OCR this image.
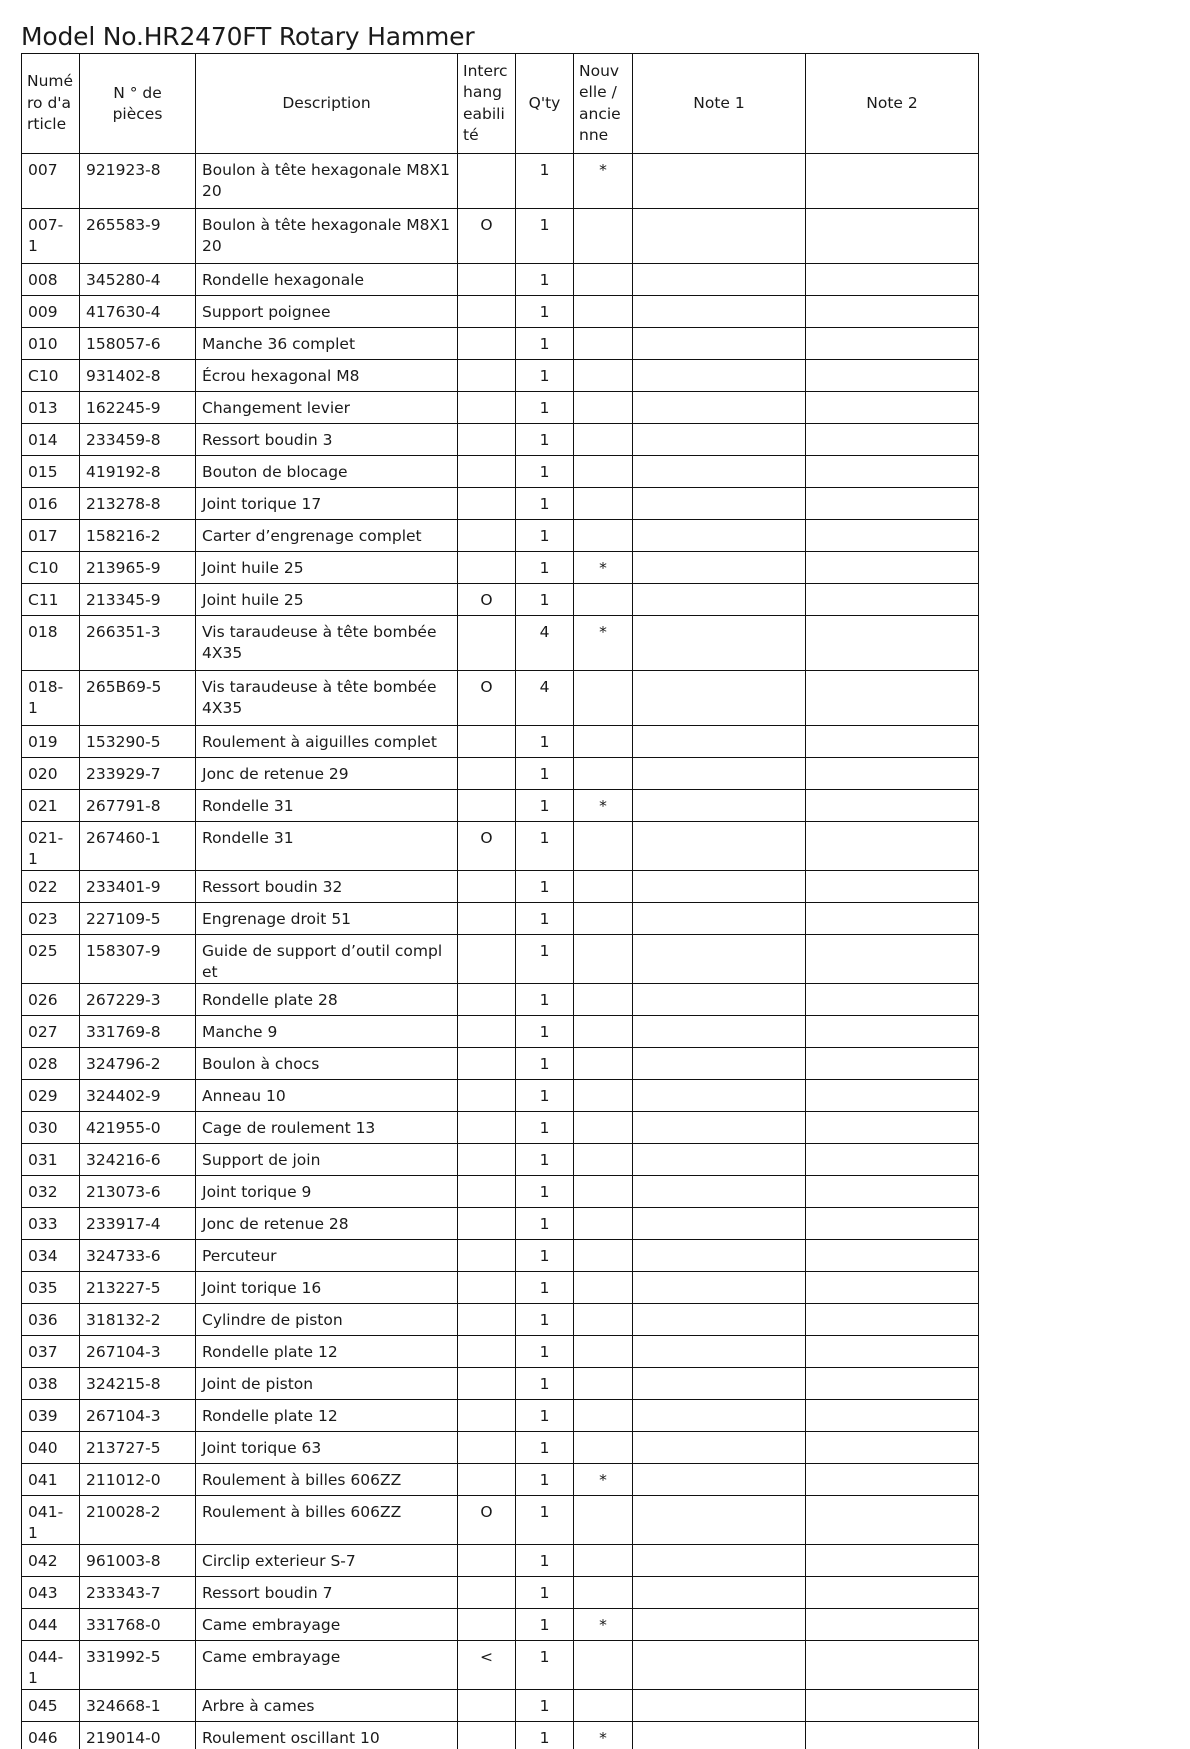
Model No.HR2470FT Rotary Hammer
Numéro d'article	N ° de pièces	Description	Interchangeabilité	Q'ty	Nouvelle / ancienne	Note 1	Note 2
007	921923-8	Boulon à tête hexagonale M8X120		1	*		
007-1	265583-9	Boulon à tête hexagonale M8X120	O	1			
008	345280-4	Rondelle hexagonale		1			
009	417630-4	Support poignee		1			
010	158057-6	Manche 36 complet		1			
C10	931402-8	Écrou hexagonal M8		1			
013	162245-9	Changement levier		1			
014	233459-8	Ressort boudin 3		1			
015	419192-8	Bouton de blocage		1			
016	213278-8	Joint torique 17		1			
017	158216-2	Carter d’engrenage complet		1			
C10	213965-9	Joint huile 25		1	*		
C11	213345-9	Joint huile 25	O	1			
018	266351-3	Vis taraudeuse à tête bombée 4X35		4	*		
018-1	265B69-5	Vis taraudeuse à tête bombée 4X35	O	4			
019	153290-5	Roulement à aiguilles complet		1			
020	233929-7	Jonc de retenue 29		1			
021	267791-8	Rondelle 31		1	*		
021-1	267460-1	Rondelle 31	O	1			
022	233401-9	Ressort boudin 32		1			
023	227109-5	Engrenage droit 51		1			
025	158307-9	Guide de support d’outil complet		1			
026	267229-3	Rondelle plate 28		1			
027	331769-8	Manche 9		1			
028	324796-2	Boulon à chocs		1			
029	324402-9	Anneau 10		1			
030	421955-0	Cage de roulement 13		1			
031	324216-6	Support de join		1			
032	213073-6	Joint torique 9		1			
033	233917-4	Jonc de retenue 28		1			
034	324733-6	Percuteur		1			
035	213227-5	Joint torique 16		1			
036	318132-2	Cylindre de piston		1			
037	267104-3	Rondelle plate 12		1			
038	324215-8	Joint de piston		1			
039	267104-3	Rondelle plate 12		1			
040	213727-5	Joint torique 63		1			
041	211012-0	Roulement à billes 606ZZ		1	*		
041-1	210028-2	Roulement à billes 606ZZ	O	1			
042	961003-8	Circlip exterieur S-7		1			
043	233343-7	Ressort boudin 7		1			
044	331768-0	Came embrayage		1	*		
044-1	331992-5	Came embrayage	<	1			
045	324668-1	Arbre à cames		1			
046	219014-0	Roulement oscillant 10		1	*		
